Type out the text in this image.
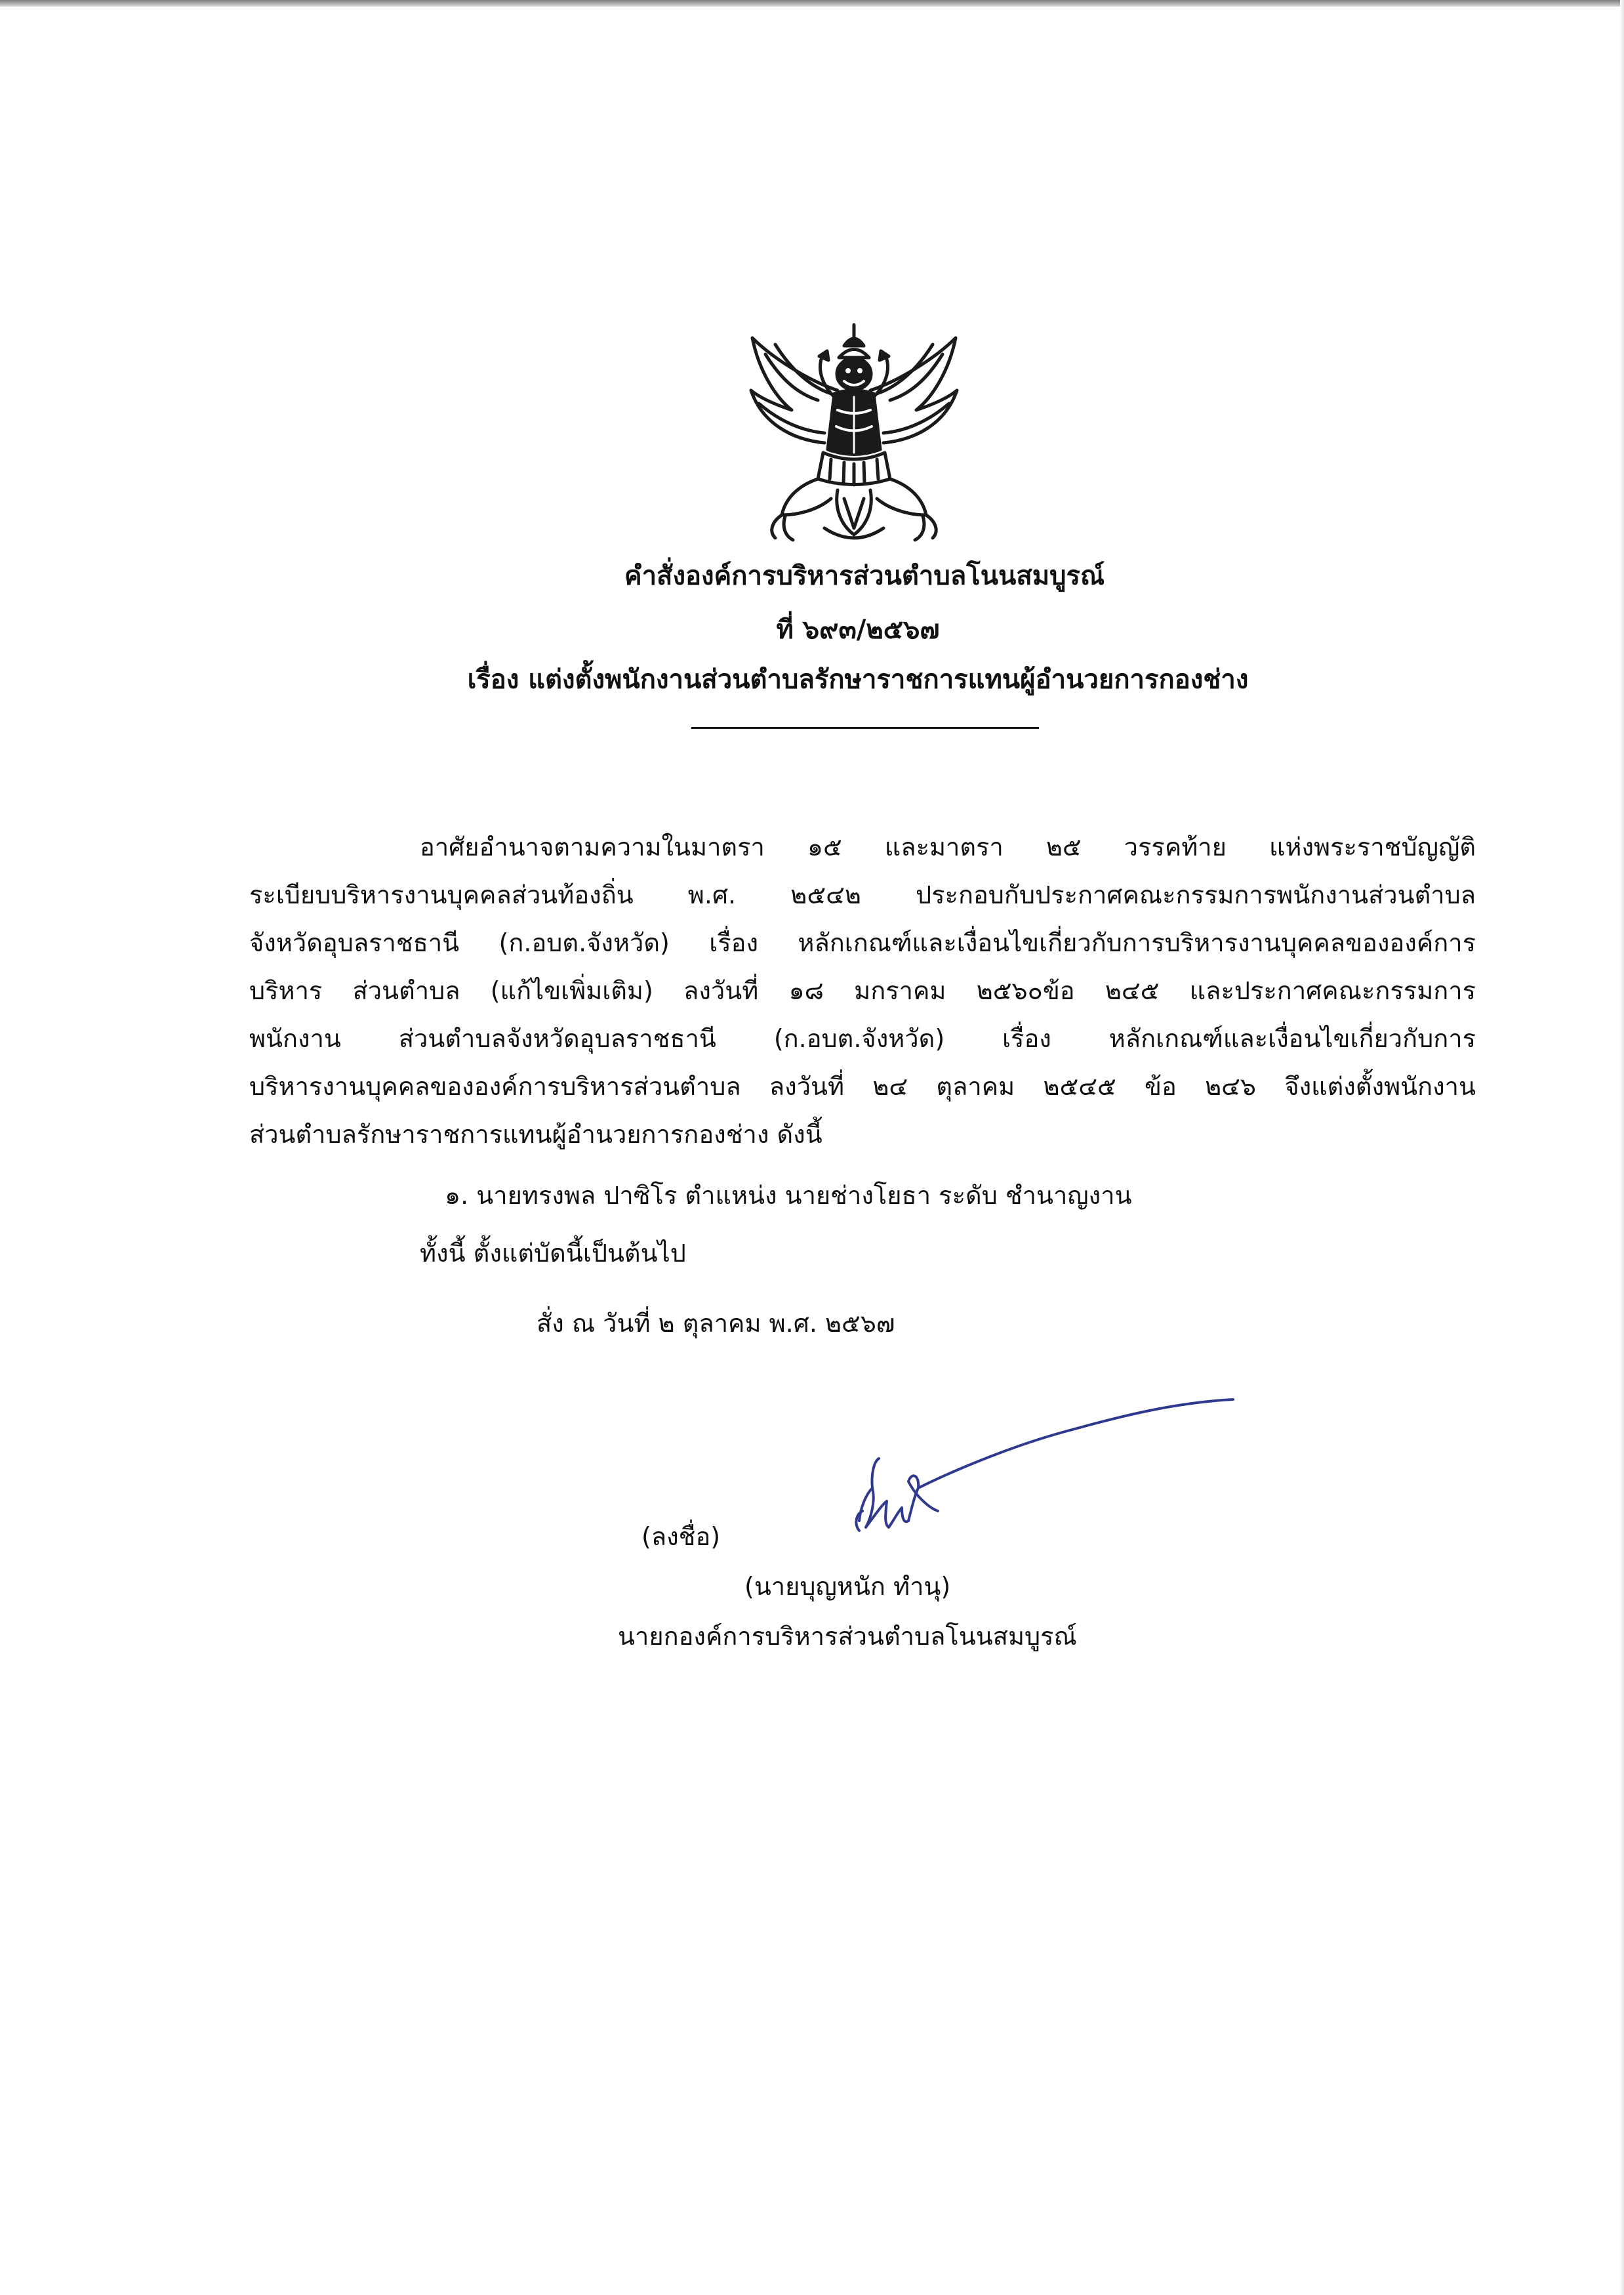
คำสั่งองค์การบริหารส่วนตำบลโนนสมบูรณ์
ที่ ๖๙๓/๒๕๖๗
เรื่อง แต่งตั้งพนักงานส่วนตำบลรักษาราชการแทนผู้อำนวยการกองช่าง
อาศัยอำนาจตามความในมาตรา ๑๕ และมาตรา ๒๕ วรรคท้าย แห่งพระราชบัญญัติ
ระเบียบบริหารงานบุคคลส่วนท้องถิ่น พ.ศ. ๒๕๔๒ ประกอบกับประกาศคณะกรรมการพนักงานส่วนตำบล
จังหวัดอุบลราชธานี (ก.อบต.จังหวัด) เรื่อง หลักเกณฑ์และเงื่อนไขเกี่ยวกับการบริหารงานบุคคลขององค์การ
บริหาร ส่วนตำบล (แก้ไขเพิ่มเติม) ลงวันที่ ๑๘ มกราคม ๒๕๖๐ข้อ ๒๔๕ และประกาศคณะกรรมการ
พนักงาน ส่วนตำบลจังหวัดอุบลราชธานี (ก.อบต.จังหวัด) เรื่อง หลักเกณฑ์และเงื่อนไขเกี่ยวกับการ
บริหารงานบุคคลขององค์การบริหารส่วนตำบล ลงวันที่ ๒๔ ตุลาคม ๒๕๔๕ ข้อ ๒๔๖ จึงแต่งตั้งพนักงาน
ส่วนตำบลรักษาราชการแทนผู้อำนวยการกองช่าง ดังนี้
๑. นายทรงพล ปาซิโร ตำแหน่ง นายช่างโยธา ระดับ ชำนาญงาน
ทั้งนี้ ตั้งแต่บัดนี้เป็นต้นไป
สั่ง ณ วันที่ ๒ ตุลาคม พ.ศ. ๒๕๖๗
(ลงชื่อ)
(นายบุญหนัก ทำนุ)
นายกองค์การบริหารส่วนตำบลโนนสมบูรณ์
